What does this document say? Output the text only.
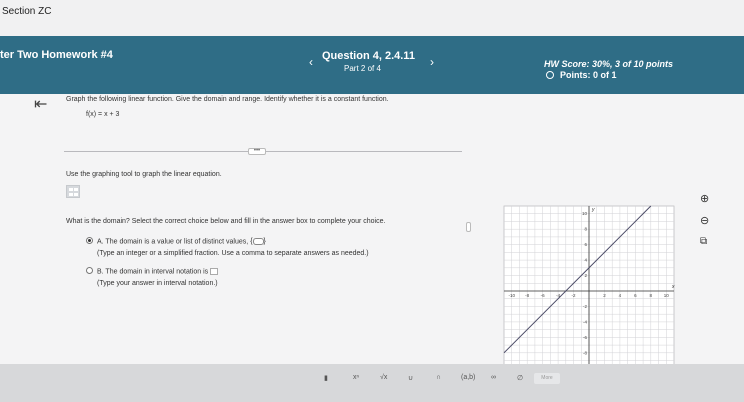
Section ZC
ter Two Homework #4	‹ Question 4, 2.4.11
Part 2 of 4	›	HW Score: 30%, 3 of 10 points
Points: 0 of 1
⇤	Graph the following linear function. Give the domain and range. Identify whether it is a constant function.
f(x) = x + 3
•••
Use the graphing tool to graph the linear equation.
What is the domain? Select the correct choice below and fill in the answer box to complete your choice.
A. The domain is a value or list of distinct values, { }
(Type an integer or a simplified fraction. Use a comma to separate answers as needed.)
B. The domain in interval notation is
(Type your answer in interval notation.)
-10 -8	-6	-4	-2	2	4	6	8	10
10
8
6
4
2
-2
-4
-6
-8
x
y
⊕
⊖
⧉
▮	xⁿ	√x	∪	∩	(a,b) ∞	∅	More
